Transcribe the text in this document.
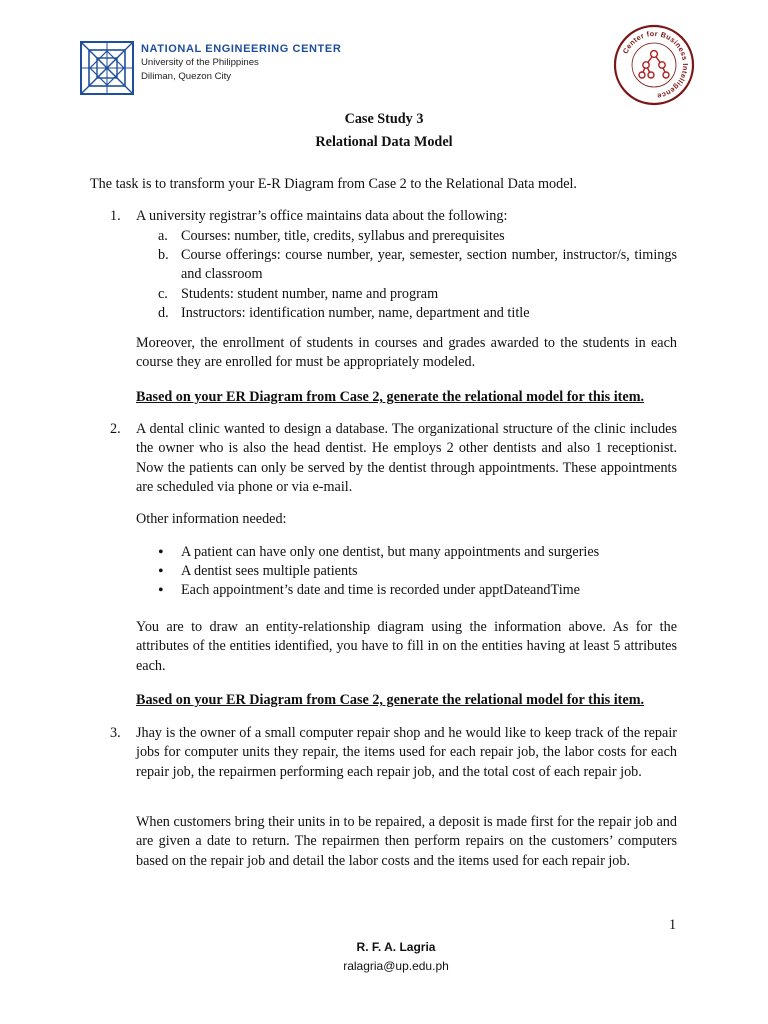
NATIONAL ENGINEERING CENTER
University of the Philippines
Diliman, Quezon City
Center for Business Intelligence
Case Study 3
Relational Data Model

The task is to transform your E-R Diagram from Case 2 to the Relational Data model.

1. A university registrar’s office maintains data about the following:

a. Courses: number, title, credits, syllabus and prerequisites

b. Course offerings: course number, year, semester, section number, instructor/s, timings and classroom

c. Students: student number, name and program

d. Instructors: identification number, name, department and title

Moreover, the enrollment of students in courses and grades awarded to the students in each course they are enrolled for must be appropriately modeled.

Based on your ER Diagram from Case 2, generate the relational model for this item.

2. A dental clinic wanted to design a database. The organizational structure of the clinic includes the owner who is also the head dentist. He employs 2 other dentists and also 1 receptionist. Now the patients can only be served by the dentist through appointments. These appointments are scheduled via phone or via e-mail.

Other information needed:

• A patient can have only one dentist, but many appointments and surgeries

• A dentist sees multiple patients

• Each appointment’s date and time is recorded under apptDateandTime

You are to draw an entity-relationship diagram using the information above. As for the attributes of the entities identified, you have to fill in on the entities having at least 5 attributes each.

Based on your ER Diagram from Case 2, generate the relational model for this item.

3. Jhay is the owner of a small computer repair shop and he would like to keep track of the repair jobs for computer units they repair, the items used for each repair job, the labor costs for each repair job, the repairmen performing each repair job, and the total cost of each repair job.

When customers bring their units in to be repaired, a deposit is made first for the repair job and are given a date to return. The repairmen then perform repairs on the customers’ computers based on the repair job and detail the labor costs and the items used for each repair job.

1
R. F. A. Lagria
ralagria@up.edu.ph
